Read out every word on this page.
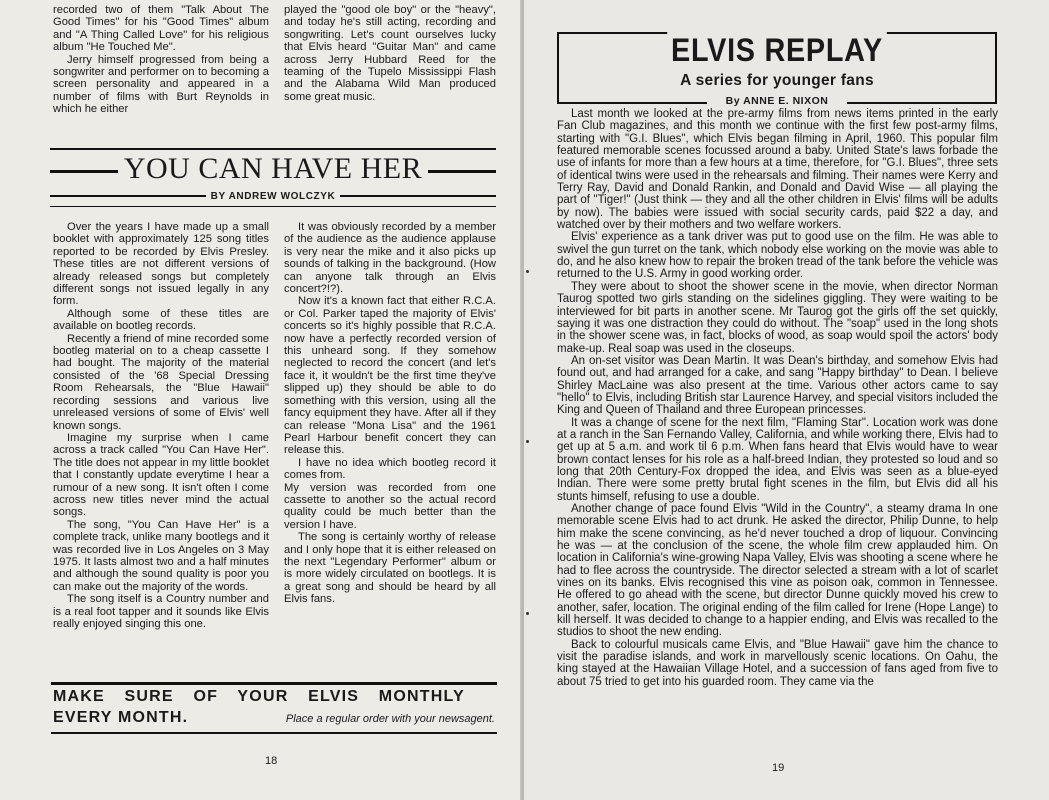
recorded two of them "Talk About The Good Times" for his "Good Times" album and "A Thing Called Love" for his religious album "He Touched Me".

Jerry himself progressed from being a songwriter and performer on to becoming a screen personality and appeared in a number of films with Burt Reynolds in which he either

played the "good ole boy" or the "heavy", and today he's still acting, recording and songwriting. Let's count ourselves lucky that Elvis heard "Guitar Man" and came across Jerry Hubbard Reed for the teaming of the Tupelo Mississippi Flash and the Alabama Wild Man produced some great music.

YOU CAN HAVE HER
BY ANDREW WOLCZYK

Over the years I have made up a small booklet with approximately 125 song titles reported to be recorded by Elvis Presley. These titles are not different versions of already released songs but completely different songs not issued legally in any form.

Although some of these titles are available on bootleg records.

Recently a friend of mine recorded some bootleg material on to a cheap cassette I had bought. The majority of the material consisted of the '68 Special Dressing Room Rehearsals, the "Blue Hawaii" recording sessions and various live unreleased versions of some of Elvis' well known songs.

Imagine my surprise when I came across a track called "You Can Have Her". The title does not appear in my little booklet that I constantly update everytime I hear a rumour of a new song. It isn't often I come across new titles never mind the actual songs.

The song, "You Can Have Her" is a complete track, unlike many bootlegs and it was recorded live in Los Angeles on 3 May 1975. It lasts almost two and a half minutes and although the sound quality is poor you can make out the majority of the words.

The song itself is a Country number and is a real foot tapper and it sounds like Elvis really enjoyed singing this one.

It was obviously recorded by a member of the audience as the audience applause is very near the mike and it also picks up sounds of talking in the background. (How can anyone talk through an Elvis concert?!?).

Now it's a known fact that either R.C.A. or Col. Parker taped the majority of Elvis' concerts so it's highly possible that R.C.A. now have a perfectly recorded version of this unheard song. If they somehow neglected to record the concert (and let's face it, it wouldn't be the first time they've slipped up) they should be able to do something with this version, using all the fancy equipment they have. After all if they can release "Mona Lisa" and the 1961 Pearl Harbour benefit concert they can release this.

I have no idea which bootleg record it comes from.

My version was recorded from one cassette to another so the actual record quality could be much better than the version I have.

The song is certainly worthy of release and I only hope that it is either released on the next "Legendary Performer" album or is more widely circulated on bootlegs. It is a great song and should be heard by all Elvis fans.

MAKE SURE OF YOUR ELVIS MONTHLY
EVERY MONTH.	Place a regular order with your newsagent.
18
ELVIS REPLAY
A series for younger fans
By ANNE E. NIXON

Last month we looked at the pre-army films from news items printed in the early Fan Club magazines, and this month we continue with the first few post-army films, starting with "G.I. Blues", which Elvis began filming in April, 1960. This popular film featured memorable scenes focussed around a baby. United State's laws forbade the use of infants for more than a few hours at a time, therefore, for "G.I. Blues", three sets of identical twins were used in the rehearsals and filming. Their names were Kerry and Terry Ray, David and Donald Rankin, and Donald and David Wise — all playing the part of "Tiger!" (Just think — they and all the other children in Elvis' films will be adults by now). The babies were issued with social security cards, paid $22 a day, and watched over by their mothers and two welfare workers.

Elvis' experience as a tank driver was put to good use on the film. He was able to swivel the gun turret on the tank, which nobody else working on the movie was able to do, and he also knew how to repair the broken tread of the tank before the vehicle was returned to the U.S. Army in good working order.

They were about to shoot the shower scene in the movie, when director Norman Taurog spotted two girls standing on the sidelines giggling. They were waiting to be interviewed for bit parts in another scene. Mr Taurog got the girls off the set quickly, saying it was one distraction they could do without. The "soap" used in the long shots in the shower scene was, in fact, blocks of wood, as soap would spoil the actors' body make-up. Real soap was used in the closeups.

An on-set visitor was Dean Martin. It was Dean's birthday, and somehow Elvis had found out, and had arranged for a cake, and sang "Happy birthday" to Dean. I believe Shirley MacLaine was also present at the time. Various other actors came to say "hello" to Elvis, including British star Laurence Harvey, and special visitors included the King and Queen of Thailand and three European princesses.

It was a change of scene for the next film, "Flaming Star". Location work was done at a ranch in the San Fernando Valley, California, and while working there, Elvis had to get up at 5 a.m. and work til 6 p.m. When fans heard that Elvis would have to wear brown contact lenses for his role as a half-breed Indian, they protested so loud and so long that 20th Century-Fox dropped the idea, and Elvis was seen as a blue-eyed Indian. There were some pretty brutal fight scenes in the film, but Elvis did all his stunts himself, refusing to use a double.

Another change of pace found Elvis "Wild in the Country", a steamy drama In one memorable scene Elvis had to act drunk. He asked the director, Philip Dunne, to help him make the scene convincing, as he'd never touched a drop of liquour. Convincing he was — at the conclusion of the scene, the whole film crew applauded him. On location in California's wine-growing Napa Valley, Elvis was shooting a scene where he had to flee across the countryside. The director selected a stream with a lot of scarlet vines on its banks. Elvis recognised this vine as poison oak, common in Tennessee. He offered to go ahead with the scene, but director Dunne quickly moved his crew to another, safer, location. The original ending of the film called for Irene (Hope Lange) to kill herself. It was decided to change to a happier ending, and Elvis was recalled to the studios to shoot the new ending.

Back to colourful musicals came Elvis, and "Blue Hawaii" gave him the chance to visit the paradise islands, and work in marvellously scenic locations. On Oahu, the king stayed at the Hawaiian Village Hotel, and a succession of fans aged from five to about 75 tried to get into his guarded room. They came via the

19
